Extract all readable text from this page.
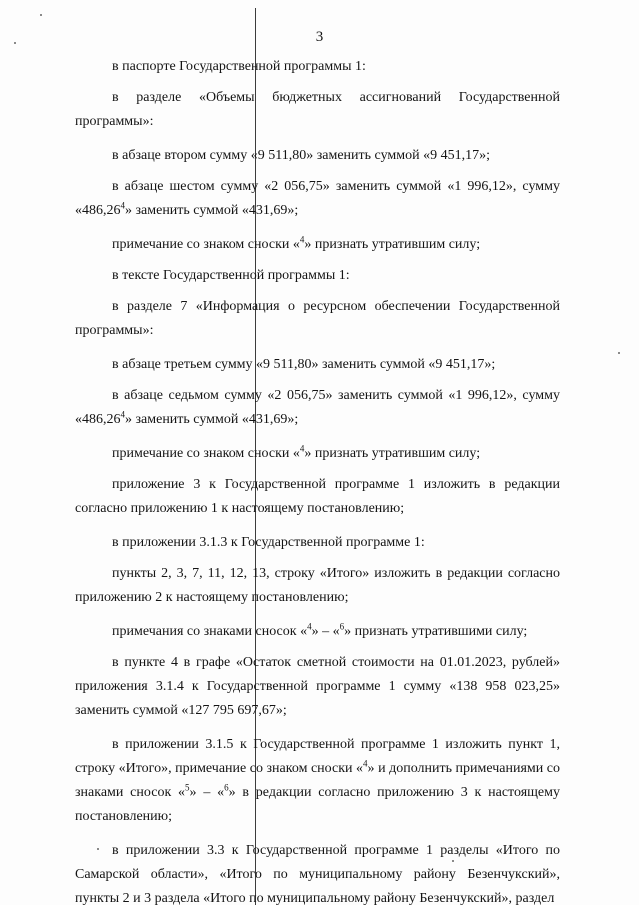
3

в паспорте Государственной программы 1:

в разделе «Объемы бюджетных ассигнований Государственной программы»:

в абзаце втором сумму «9 511,80» заменить суммой «9 451,17»;

в абзаце шестом сумму «2 056,75» заменить суммой «1 996,12», сумму «486,26$^4$» заменить суммой «431,69»;

примечание со знаком сноски «$^4$» признать утратившим силу;

в тексте Государственной программы 1:

в разделе 7 «Информация о ресурсном обеспечении Государственной программы»:

в абзаце третьем сумму «9 511,80» заменить суммой «9 451,17»;

в абзаце седьмом сумму «2 056,75» заменить суммой «1 996,12», сумму «486,26$^4$» заменить суммой «431,69»;

примечание со знаком сноски «$^4$» признать утратившим силу;

приложение 3 к Государственной программе 1 изложить в редакции согласно приложению 1 к настоящему постановлению;

в приложении 3.1.3 к Государственной программе 1:

пункты 2, 3, 7, 11, 12, 13, строку «Итого» изложить в редакции согласно приложению 2 к настоящему постановлению;

примечания со знаками сносок «$^4$» – «$^6$» признать утратившими силу;

в пункте 4 в графе «Остаток сметной стоимости на 01.01.2023, рублей» приложения 3.1.4 к Государственной программе 1 сумму «138 958 023,25» заменить суммой «127 795 697,67»;

в приложении 3.1.5 к Государственной программе 1 изложить пункт 1, строку «Итого», примечание со знаком сноски «$^4$» и дополнить примечаниями со знаками сносок «$^5$» – «$^6$» в редакции согласно приложению 3 к настоящему постановлению;

в приложении 3.3 к Государственной программе 1 разделы «Итого по Самарской области», «Итого по муниципальному району Безенчукский», пункты 2 и 3 раздела «Итого по муниципальному району Безенчукский», раздел
